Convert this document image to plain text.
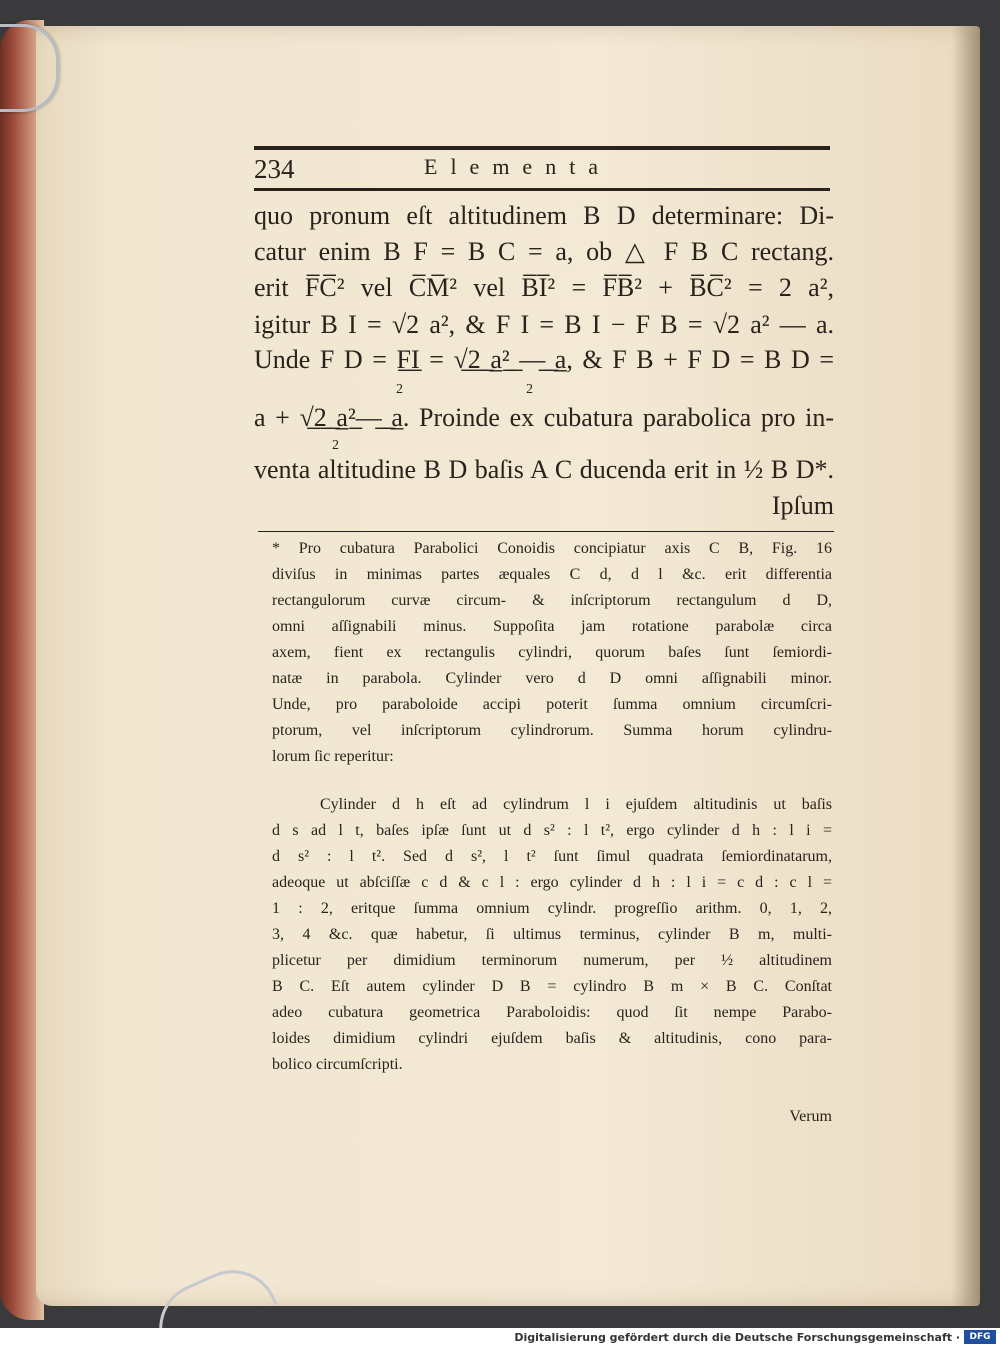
234	Elementa

quo pronum eſt altitudinem B D determinare: Di-

catur enim B F = B C = a, ob △ F B C rectang.

erit F̅C̅² vel C̅M̅² vel B̅I̅² = F̅B̅² + B̅C̅² = 2 a²,

igitur B I = √2 a², & F I = B I − F B = √2 a² — a.

Unde F D = F̲I̲ = √̲2̲ ̲a̲²̲ ̲—̲ ̲a̲, & F B + F D = B D =

2	2

a + √̲2̲ ̲a̲²̲—̲ ̲a̲. Proinde ex cubatura parabolica pro in-

2

venta altitudine B D baſis A C ducenda erit in ½ B D*.

Ipſum

* Pro cubatura Parabolici Conoidis concipiatur axis C B, Fig. 16

diviſus in minimas partes æquales C d, d l &c. erit differentia

rectangulorum curvæ circum- & inſcriptorum rectangulum d D,

omni aſſignabili minus. Suppoſita jam rotatione parabolæ circa

axem, fient ex rectangulis cylindri, quorum baſes ſunt ſemiordi-

natæ in parabola. Cylinder vero d D omni aſſignabili minor.

Unde, pro paraboloide accipi poterit ſumma omnium circumſcri-

ptorum, vel inſcriptorum cylindrorum. Summa horum cylindru-

lorum ſic reperitur:

Cylinder d h eſt ad cylindrum l i ejuſdem altitudinis ut baſis

d s ad l t, baſes ipſæ ſunt ut d s² : l t², ergo cylinder d h : l i =

d s² : l t². Sed d s², l t² ſunt ſimul quadrata ſemiordinatarum,

adeoque ut abſciſſæ c d & c l : ergo cylinder d h : l i = c d : c l =

1 : 2, eritque ſumma omnium cylindr. progreſſio arithm. 0, 1, 2,

3, 4 &c. quæ habetur, ſi ultimus terminus, cylinder B m, multi-

plicetur per dimidium terminorum numerum, per ½ altitudinem

B C. Eſt autem cylinder D B = cylindro B m × B C. Conſtat

adeo cubatura geometrica Paraboloidis: quod ſit nempe Parabo-

loides dimidium cylindri ejuſdem baſis & altitudinis, cono para-

bolico circumſcripti.

Verum

Digitalisierung gefördert durch die Deutsche Forschungsgemeinschaft ·	DFG
